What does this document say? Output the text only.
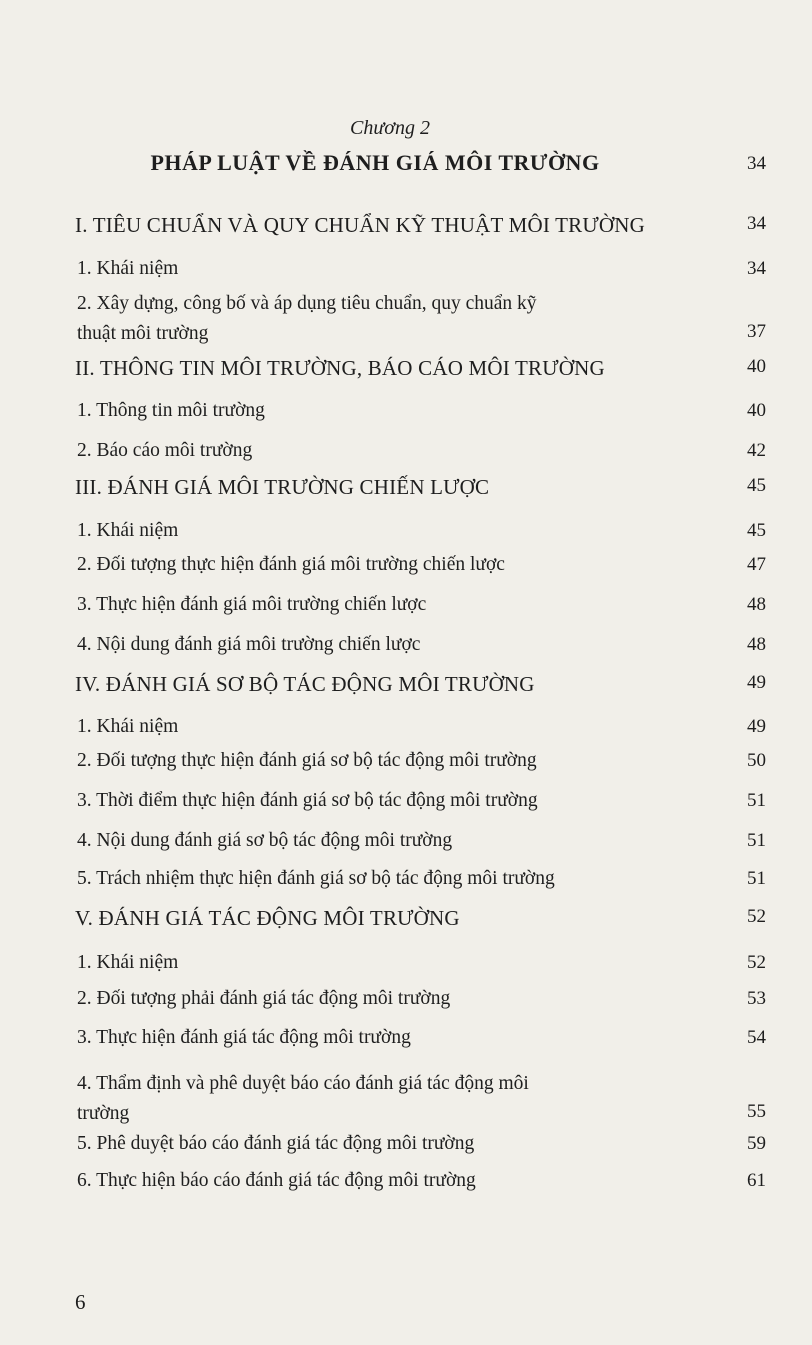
Chương 2
PHÁP LUẬT VỀ ĐÁNH GIÁ MÔI TRƯỜNG	34
I. TIÊU CHUẨN VÀ QUY CHUẨN KỸ THUẬT MÔI TRƯỜNG	34
1. Khái niệm	34
2. Xây dựng, công bố và áp dụng tiêu chuẩn, quy chuẩn kỹ
thuật môi trường	37
II. THÔNG TIN MÔI TRƯỜNG, BÁO CÁO MÔI TRƯỜNG	40
1. Thông tin môi trường	40
2. Báo cáo môi trường	42
III. ĐÁNH GIÁ MÔI TRƯỜNG CHIẾN LƯỢC	45
1. Khái niệm	45
2. Đối tượng thực hiện đánh giá môi trường chiến lược	47
3. Thực hiện đánh giá môi trường chiến lược	48
4. Nội dung đánh giá môi trường chiến lược	48
IV. ĐÁNH GIÁ SƠ BỘ TÁC ĐỘNG MÔI TRƯỜNG	49
1. Khái niệm	49
2. Đối tượng thực hiện đánh giá sơ bộ tác động môi trường	50
3. Thời điểm thực hiện đánh giá sơ bộ tác động môi trường	51
4. Nội dung đánh giá sơ bộ tác động môi trường	51
5. Trách nhiệm thực hiện đánh giá sơ bộ tác động môi trường	51
V. ĐÁNH GIÁ TÁC ĐỘNG MÔI TRƯỜNG	52
1. Khái niệm	52
2. Đối tượng phải đánh giá tác động môi trường	53
3. Thực hiện đánh giá tác động môi trường	54
4. Thẩm định và phê duyệt báo cáo đánh giá tác động môi
trường	55
5. Phê duyệt báo cáo đánh giá tác động môi trường	59
6. Thực hiện báo cáo đánh giá tác động môi trường	61
6
